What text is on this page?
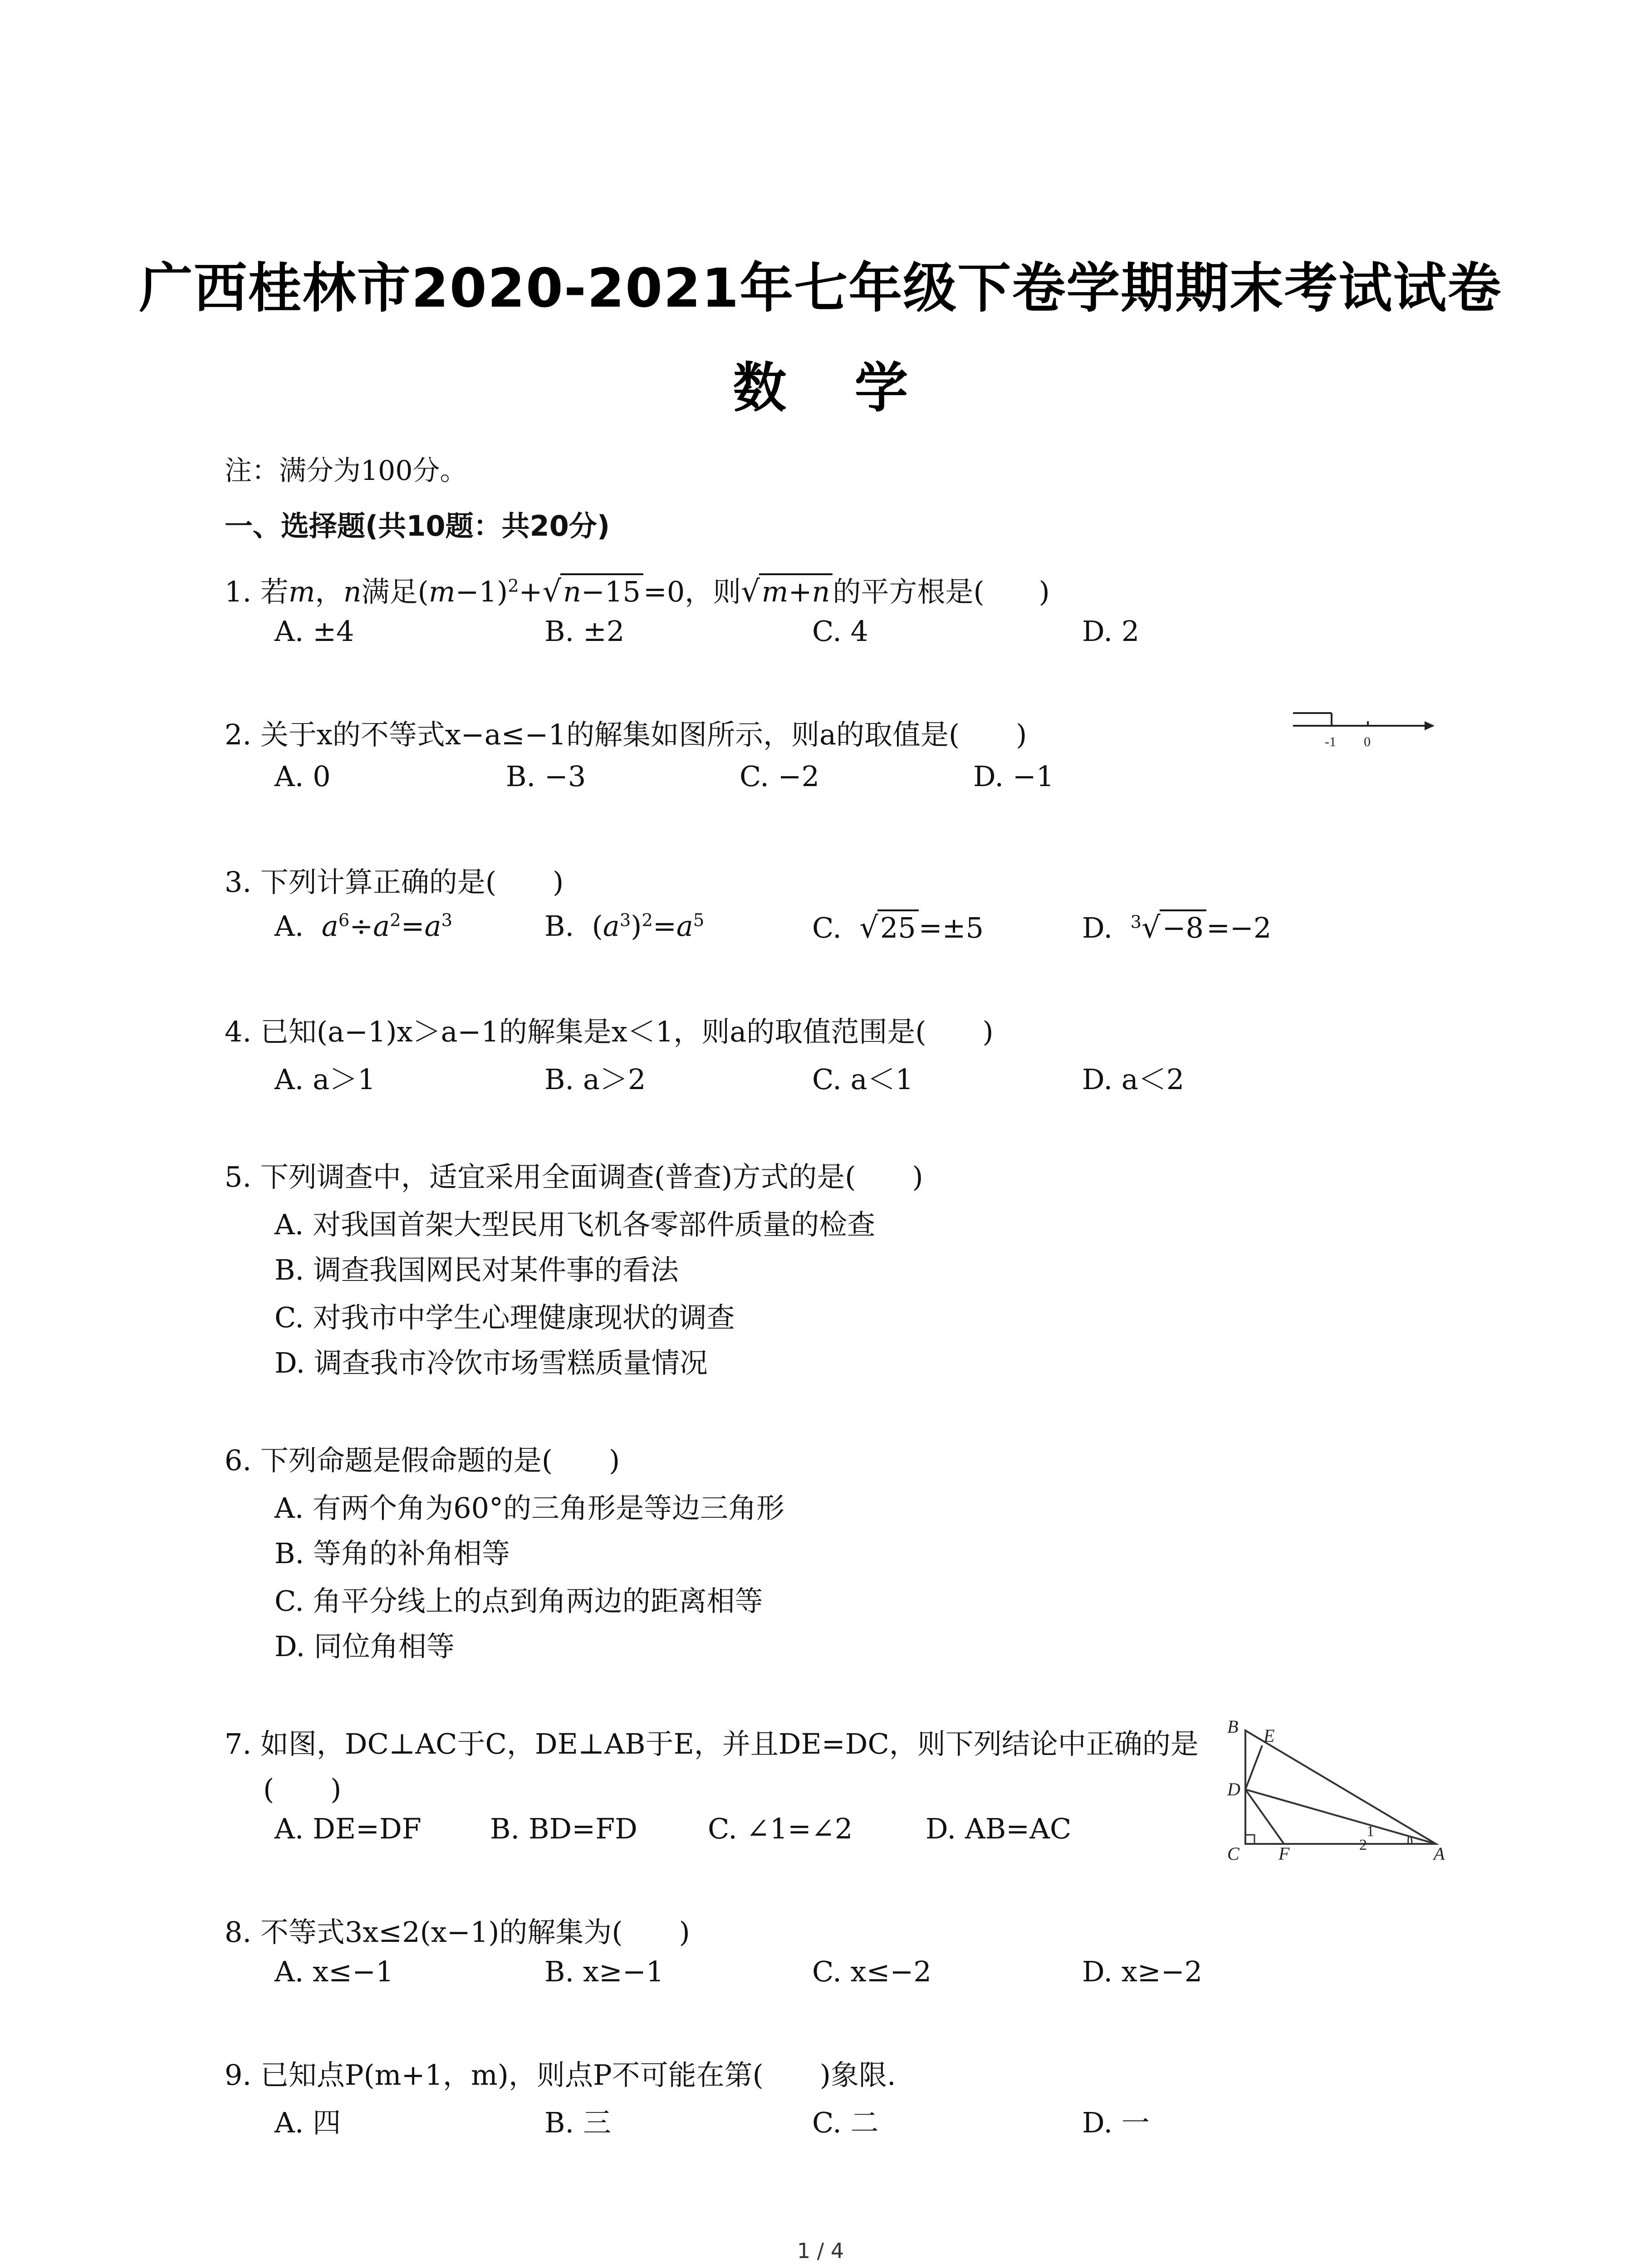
广西桂林市2020-2021年七年级下卷学期期末考试试卷
数学
注：满分为100分。
一、选择题(共10题：共20分)
1. 若m，n满足$(m-1)^2+√n-15=0$，则√m+n的平方根是( )
A. ±4	B. ±2	C. 4	D. 2
2. 关于x的不等式x−a≤−1的解集如图所示，则a的取值是(　　)
A. 0	B. −3	C. −2	D. −1
-1 0
3. 下列计算正确的是(　　)
A.  $a^6\div a^2=a^3$	B.  $(a^3)^2=a^5$	C.  √25=±5	D.  $^3$√−8=−2
4. 已知(a−1)x＞a−1的解集是x＜1，则a的取值范围是(　　)
A. a＞1	B. a＞2	C. a＜1	D. a＜2
5. 下列调查中，适宜采用全面调查(普查)方式的是(　　)
A. 对我国首架大型民用飞机各零部件质量的检查
B. 调查我国网民对某件事的看法
C. 对我市中学生心理健康现状的调查
D. 调查我市冷饮市场雪糕质量情况
6. 下列命题是假命题的是(　　)
A. 有两个角为60°的三角形是等边三角形
B. 等角的补角相等
C. 角平分线上的点到角两边的距离相等
D. 同位角相等
7. 如图，DC⊥AC于C，DE⊥AB于E，并且DE=DC，则下列结论中正确的是
(　　)
A. DE=DF B. BD=FD	C. ∠1=∠2	D. AB=AC
B E
D
C F	A
1
2
8. 不等式3x≤2(x−1)的解集为(　　)
A. x≤−1	B. x≥−1	C. x≤−2	D. x≥−2
9. 已知点P(m+1，m)，则点P不可能在第(　　)象限.
A. 四	B. 三	C. 二	D. 一
1 / 4
